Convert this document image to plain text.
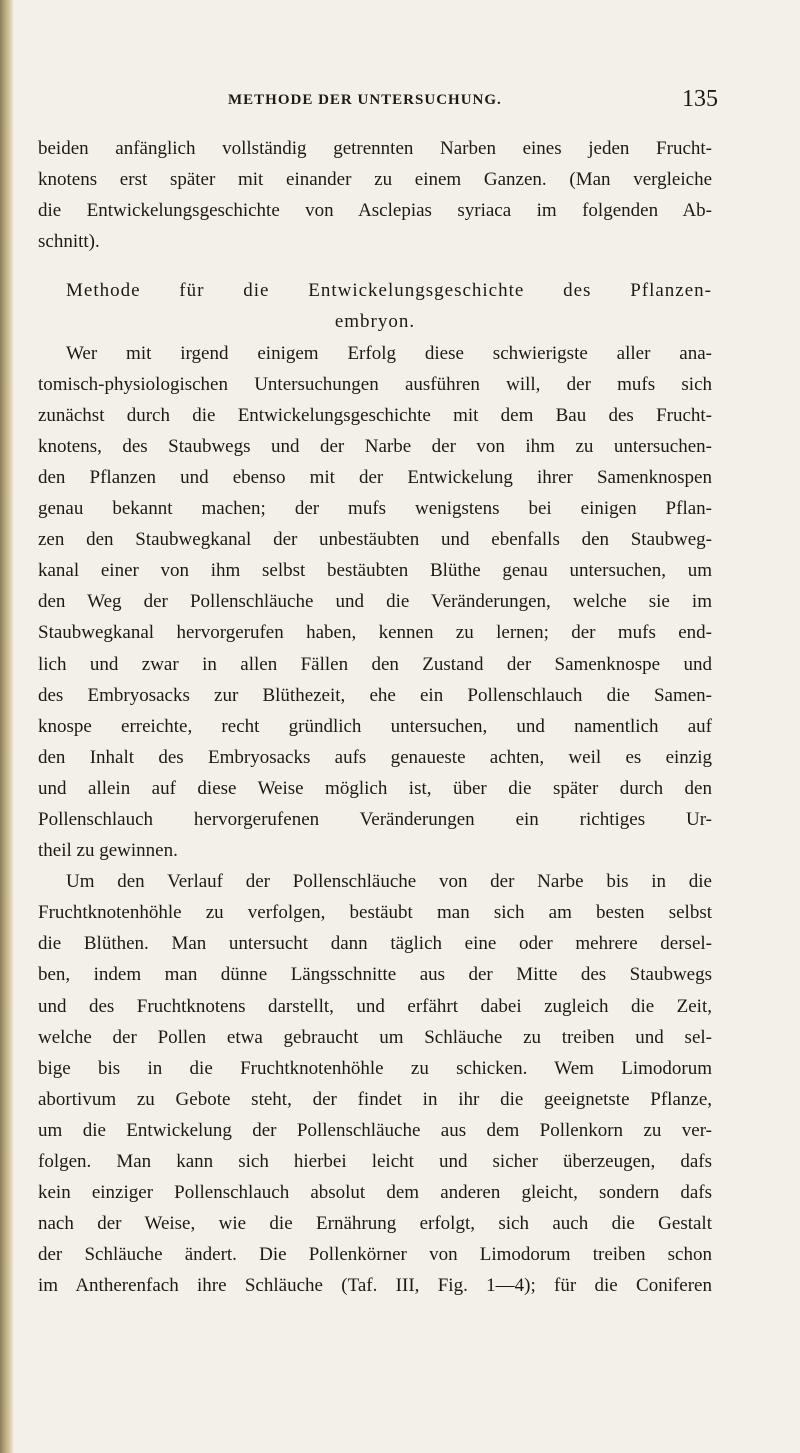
METHODE DER UNTERSUCHUNG.	135
beiden anfänglich vollständig getrennten Narben eines jeden Frucht-
knotens erst später mit einander zu einem Ganzen. (Man vergleiche
die Entwickelungsgeschichte von Asclepias syriaca im folgenden Ab-
schnitt).
Methode für die Entwickelungsgeschichte des Pflanzen-
embryon.
Wer mit irgend einigem Erfolg diese schwierigste aller ana-
tomisch-physiologischen Untersuchungen ausführen will, der mufs sich
zunächst durch die Entwickelungsgeschichte mit dem Bau des Frucht-
knotens, des Staubwegs und der Narbe der von ihm zu untersuchen-
den Pflanzen und ebenso mit der Entwickelung ihrer Samenknospen
genau bekannt machen; der mufs wenigstens bei einigen Pflan-
zen den Staubwegkanal der unbestäubten und ebenfalls den Staubweg-
kanal einer von ihm selbst bestäubten Blüthe genau untersuchen, um
den Weg der Pollenschläuche und die Veränderungen, welche sie im
Staubwegkanal hervorgerufen haben, kennen zu lernen; der mufs end-
lich und zwar in allen Fällen den Zustand der Samenknospe und
des Embryosacks zur Blüthezeit, ehe ein Pollenschlauch die Samen-
knospe erreichte, recht gründlich untersuchen, und namentlich auf
den Inhalt des Embryosacks aufs genaueste achten, weil es einzig
und allein auf diese Weise möglich ist, über die später durch den
Pollenschlauch hervorgerufenen Veränderungen ein richtiges Ur-
theil zu gewinnen.
Um den Verlauf der Pollenschläuche von der Narbe bis in die
Fruchtknotenhöhle zu verfolgen, bestäubt man sich am besten selbst
die Blüthen. Man untersucht dann täglich eine oder mehrere dersel-
ben, indem man dünne Längsschnitte aus der Mitte des Staubwegs
und des Fruchtknotens darstellt, und erfährt dabei zugleich die Zeit,
welche der Pollen etwa gebraucht um Schläuche zu treiben und sel-
bige bis in die Fruchtknotenhöhle zu schicken. Wem Limodorum
abortivum zu Gebote steht, der findet in ihr die geeignetste Pflanze,
um die Entwickelung der Pollenschläuche aus dem Pollenkorn zu ver-
folgen. Man kann sich hierbei leicht und sicher überzeugen, dafs
kein einziger Pollenschlauch absolut dem anderen gleicht, sondern dafs
nach der Weise, wie die Ernährung erfolgt, sich auch die Gestalt
der Schläuche ändert. Die Pollenkörner von Limodorum treiben schon
im Antherenfach ihre Schläuche (Taf. III, Fig. 1—4); für die Coniferen
